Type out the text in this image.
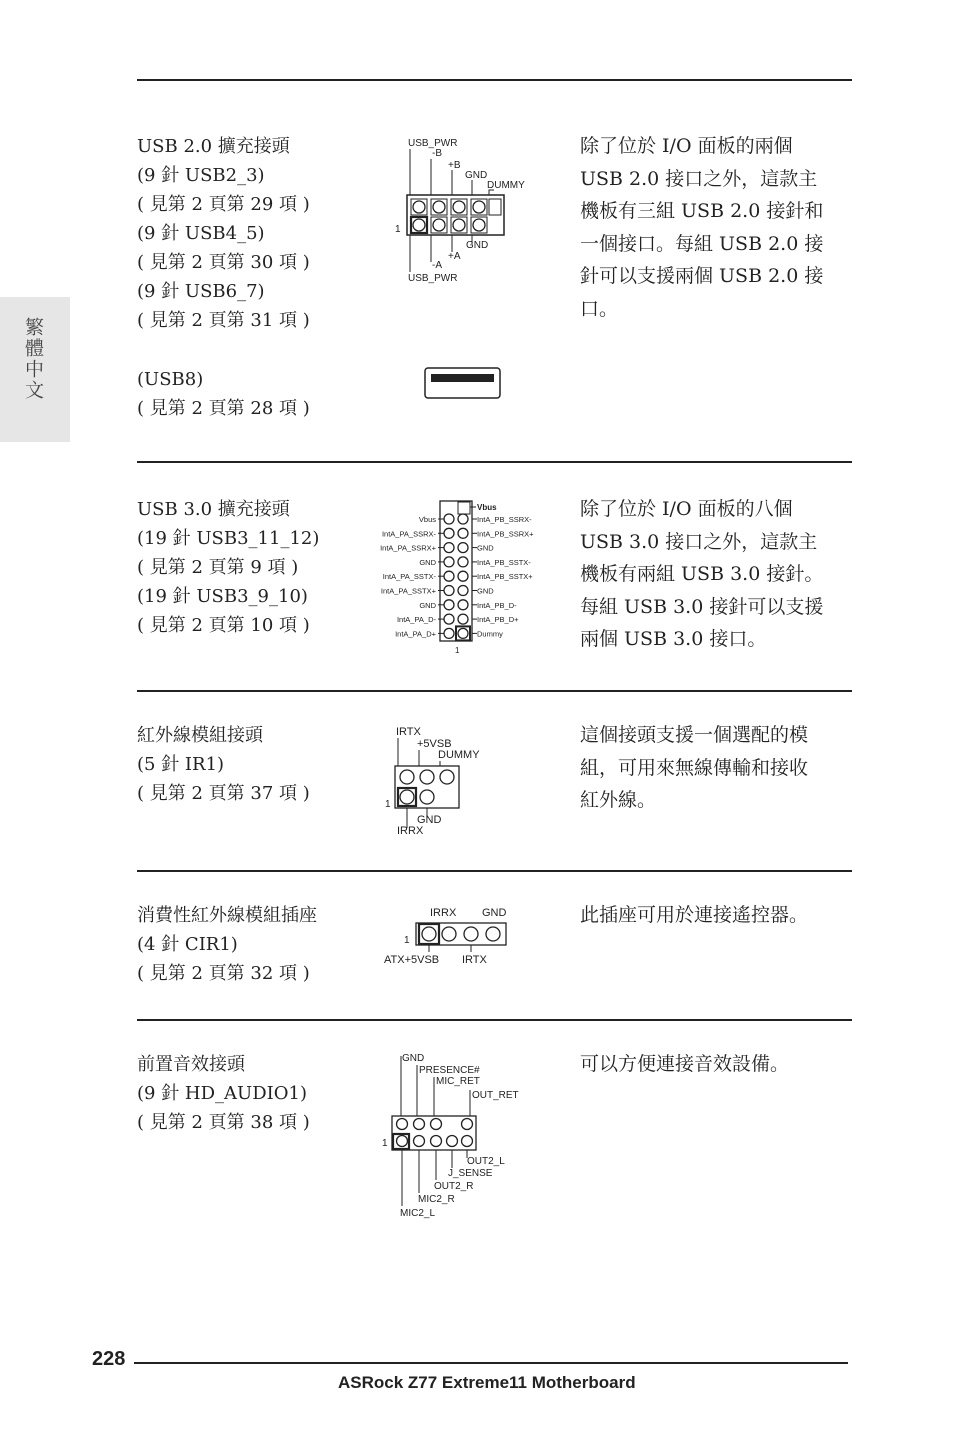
繁體中文
USB 2.0 擴充接頭
(9 針 USB2_3)
( 見第 2 頁第 29 項 )
(9 針 USB4_5)
( 見第 2 頁第 30 項 )
(9 針 USB6_7)
( 見第 2 頁第 31 項 )
(USB8)
( 見第 2 頁第 28 項 )
除了位於 I/O 面板的兩個
USB 2.0 接口之外，這款主
機板有三組 USB 2.0 接針和
一個接口。每組 USB 2.0 接
針可以支援兩個 USB 2.0 接
口。
USB_PWR
-B
+B
GND
DUMMY
1
GND
+A
-A
USB_PWR
USB 3.0 擴充接頭
(19 針 USB3_11_12)
( 見第 2 頁第 9 項 )
(19 針 USB3_9_10)
( 見第 2 頁第 10 項 )
除了位於 I/O 面板的八個
USB 3.0 接口之外，這款主
機板有兩組 USB 3.0 接針。
每組 USB 3.0 接針可以支援
兩個 USB 3.0 接口。
Vbus
1
Vbus	IntA_PB_SSRX-
IntA_PA_SSRX-	IntA_PB_SSRX+
IntA_PA_SSRX+	GND
GND	IntA_PB_SSTX-
IntA_PA_SSTX-	IntA_PB_SSTX+
IntA_PA_SSTX+	GND
GND	IntA_PB_D-
IntA_PA_D-	IntA_PB_D+
IntA_PA_D+	Dummy
紅外線模組接頭
(5 針 IR1)
( 見第 2 頁第 37 項 )
這個接頭支援一個選配的模
組，可用來無線傳輸和接收
紅外線。
IRTX
+5VSB
DUMMY
1
GND
IRRX
消費性紅外線模組插座
(4 針 CIR1)
( 見第 2 頁第 32 項 )
此插座可用於連接遙控器。
IRRX GND
1
ATX+5VSB IRTX
前置音效接頭
(9 針 HD_AUDIO1)
( 見第 2 頁第 38 項 )
可以方便連接音效設備。
GND
PRESENCE#
MIC_RET
OUT_RET
1
OUT2_L
J_SENSE
OUT2_R
MIC2_R
MIC2_L
228
ASRock Z77 Extreme11 Motherboard
